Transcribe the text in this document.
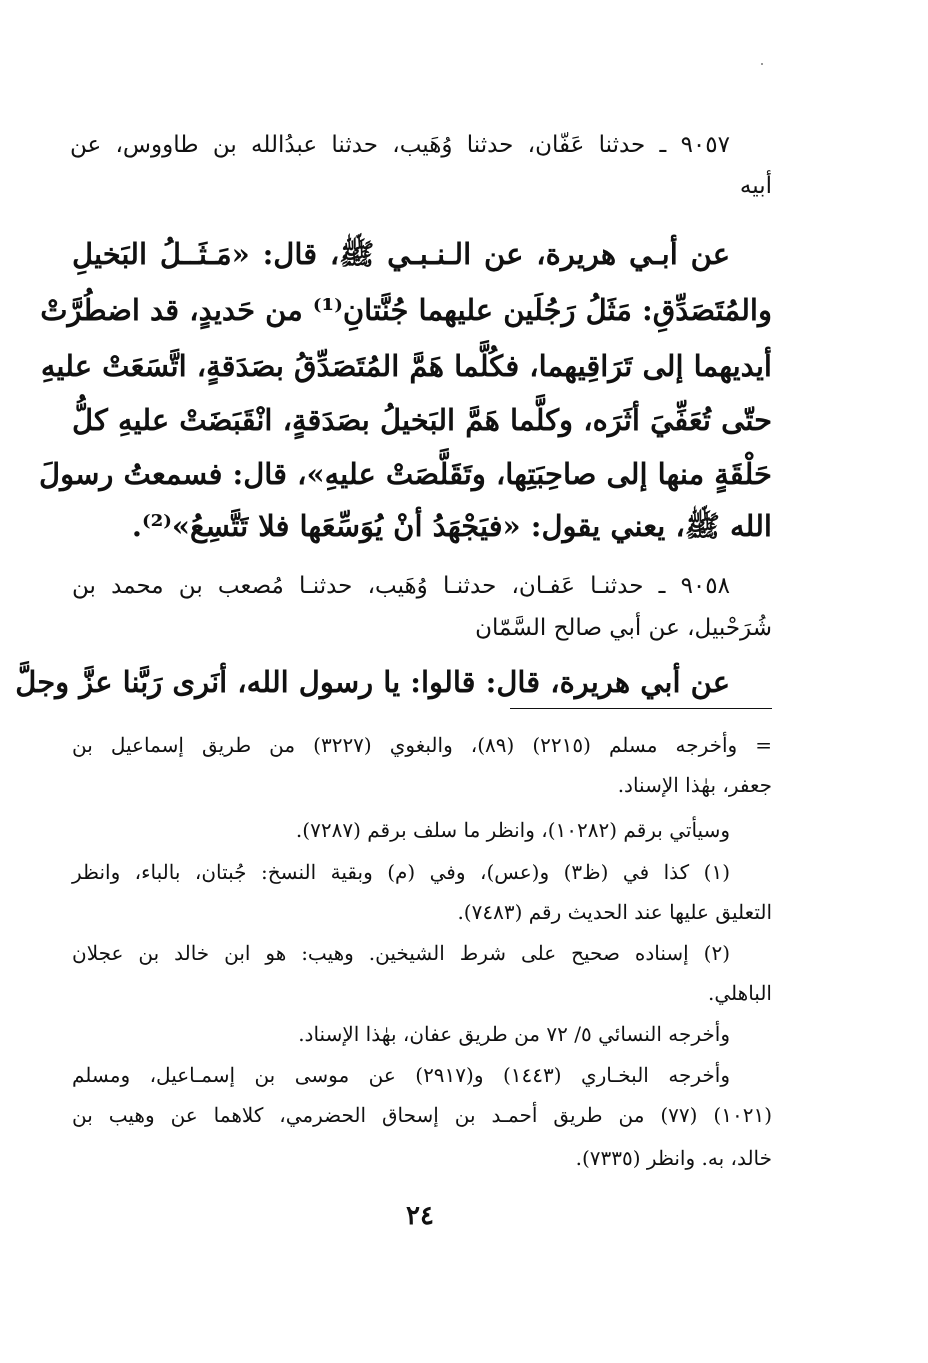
٩٠٥٧ ـ حدثنا عَفّان، حدثنا وُهَيب، حدثنا عبدُالله بن طاووس، عن
أبيه
عن أبـي هريرة، عن الـنـبـي ﷺ، قال: «مَـثَــلُ البَخيلِ
والمُتَصَدِّقِ: مَثَلُ رَجُلَين عليهما جُنَّتانِ⁽¹⁾ من حَديدٍ، قد اضطُرَّتْ
أيديهما إلى تَرَاقِيهما، فكُلَّما هَمَّ المُتَصَدِّقُ بصَدَقةٍ، اتَّسَعَتْ عليهِ
حتّى تُعَفِّيَ أثَرَه، وكلَّما هَمَّ البَخيلُ بصَدَقةٍ، انْقَبَضَتْ عليهِ كلُّ
حَلْقَةٍ منها إلى صاحِبَتِها، وتَقَلَّصَتْ عليهِ»، قال: فسمعتُ رسولَ
الله ﷺ، يعني يقول: «فيَجْهَدُ أنْ يُوَسِّعَها فلا تَتَّسِعُ»⁽²⁾.
٩٠٥٨ ـ حدثنـا عَفـان، حدثنـا وُهَيب، حدثنـا مُصعب بن محمد بن
شُرَحْبيل، عن أبي صالح السَّمّان
عن أبي هريرة، قال: قالوا: يا رسول الله، أنَرى رَبَّنا عزَّ وجلَّ
= وأخرجه مسلم (٢٢١٥) (٨٩)، والبغوي (٣٢٢٧) من طريق إسماعيل بن
جعفر، بهٰذا الإسناد.
وسيأتي برقم (١٠٢٨٢)، وانظر ما سلف برقم (٧٢٨٧).
(١) كذا في (ظ٣) و(عس)، وفي (م) وبقية النسخ: جُبتان، بالباء، وانظر
التعليق عليها عند الحديث رقم (٧٤٨٣).
(٢) إسناده صحيح على شرط الشيخين. وهيب: هو ابن خالد بن عجلان
الباهلي.
وأخرجه النسائي ٥/ ٧٢ من طريق عفان، بهٰذا الإسناد.
وأخرجه البخـاري (١٤٤٣) و(٢٩١٧) عن موسى بن إسمـاعيل، ومسلم
(١٠٢١) (٧٧) من طريق أحمـد بن إسحاق الحضرمي، كلاهما عن وهيب بن
خالد، به. وانظر (٧٣٣٥).
٢٤
